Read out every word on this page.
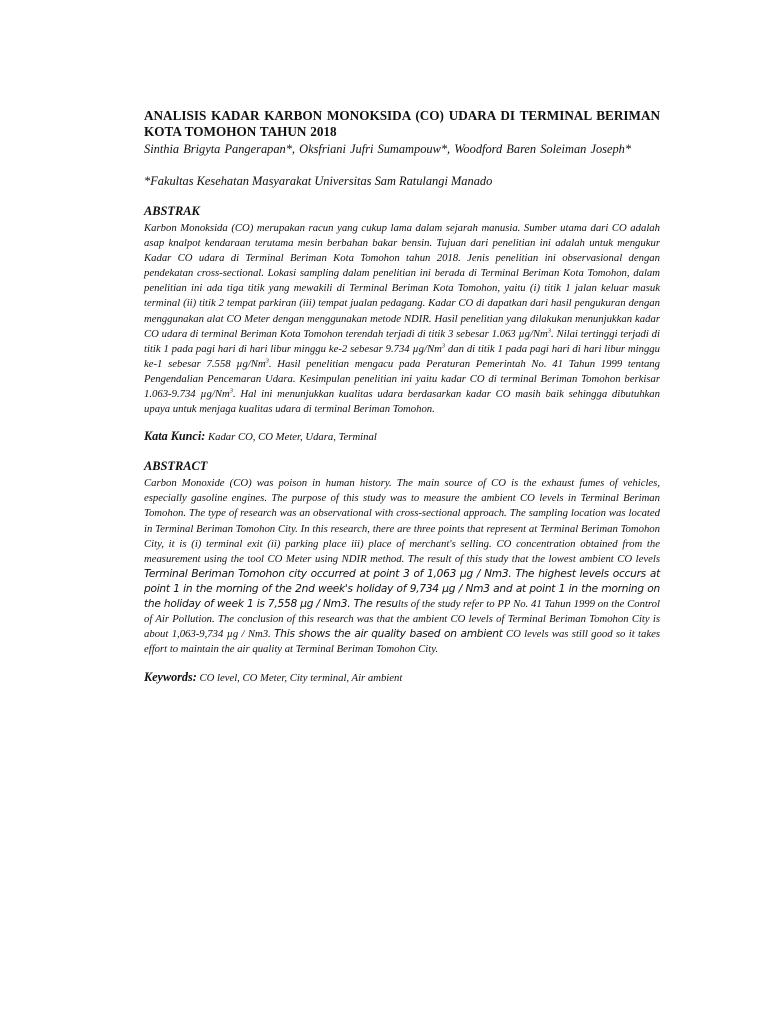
ANALISIS KADAR KARBON MONOKSIDA (CO) UDARA DI TERMINAL BERIMAN KOTA TOMOHON TAHUN 2018

Sinthia Brigyta Pangerapan*, Oksfriani Jufri Sumampouw*, Woodford Baren Soleiman Joseph*

*Fakultas Kesehatan Masyarakat Universitas Sam Ratulangi Manado

ABSTRAK

Karbon Monoksida (CO) merupakan racun yang cukup lama dalam sejarah manusia. Sumber utama dari CO adalah asap knalpot kendaraan terutama mesin berbahan bakar bensin. Tujuan dari penelitian ini adalah untuk mengukur Kadar CO udara di Terminal Beriman Kota Tomohon tahun 2018. Jenis penelitian ini observasional dengan pendekatan cross-sectional. Lokasi sampling dalam penelitian ini berada di Terminal Beriman Kota Tomohon, dalam penelitian ini ada tiga titik yang mewakili di Terminal Beriman Kota Tomohon, yaitu (i) titik 1 jalan keluar masuk terminal (ii) titik 2 tempat parkiran (iii) tempat jualan pedagang. Kadar CO di dapatkan dari hasil pengukuran dengan menggunakan alat CO Meter dengan menggunakan metode NDIR. Hasil penelitian yang dilakukan menunjukkan kadar CO udara di terminal Beriman Kota Tomohon terendah terjadi di titik 3 sebesar 1.063 µg/Nm$^3$. Nilai tertinggi terjadi di titik 1 pada pagi hari di hari libur minggu ke-2 sebesar 9.734 µg/Nm$^3$ dan di titik 1 pada pagi hari di hari libur minggu ke-1 sebesar 7.558 µg/Nm$^3$. Hasil penelitian mengacu pada Peraturan Pemerintah No. 41 Tahun 1999 tentang Pengendalian Pencemaran Udara. Kesimpulan penelitian ini yaitu kadar CO di terminal Beriman Tomohon berkisar 1.063-9.734 µg/Nm$^3$. Hal ini menunjukkan kualitas udara berdasarkan kadar CO masih baik sehingga dibutuhkan upaya untuk menjaga kualitas udara di terminal Beriman Tomohon.

Kata Kunci: Kadar CO, CO Meter, Udara, Terminal

ABSTRACT

Carbon Monoxide (CO) was poison in human history. The main source of CO is the exhaust fumes of vehicles, especially gasoline engines. The purpose of this study was to measure the ambient CO levels in Terminal Beriman Tomohon. The type of research was an observational with cross-sectional approach. The sampling location was located in Terminal Beriman Tomohon City. In this research, there are three points that represent at Terminal Beriman Tomohon City, it is (i) terminal exit (ii) parking place iii) place of merchant's selling. CO concentration obtained from the measurement using the tool CO Meter using NDIR method. The result of this study that the lowest ambient CO levels Terminal Beriman Tomohon city occurred at point 3 of 1,063 µg / Nm3. The highest levels occurs at point 1 in the morning of the 2nd week's holiday of 9,734 µg / Nm3 and at point 1 in the morning on the holiday of week 1 is 7,558 µg / Nm3. The results of the study refer to PP No. 41 Tahun 1999 on the Control of Air Pollution. The conclusion of this research was that the ambient CO levels of Terminal Beriman Tomohon City is about 1,063-9,734 µg / Nm3. This shows the air quality based on ambient CO levels was still good so it takes effort to maintain the air quality at Terminal Beriman Tomohon City.

Keywords: CO level, CO Meter, City terminal, Air ambient
